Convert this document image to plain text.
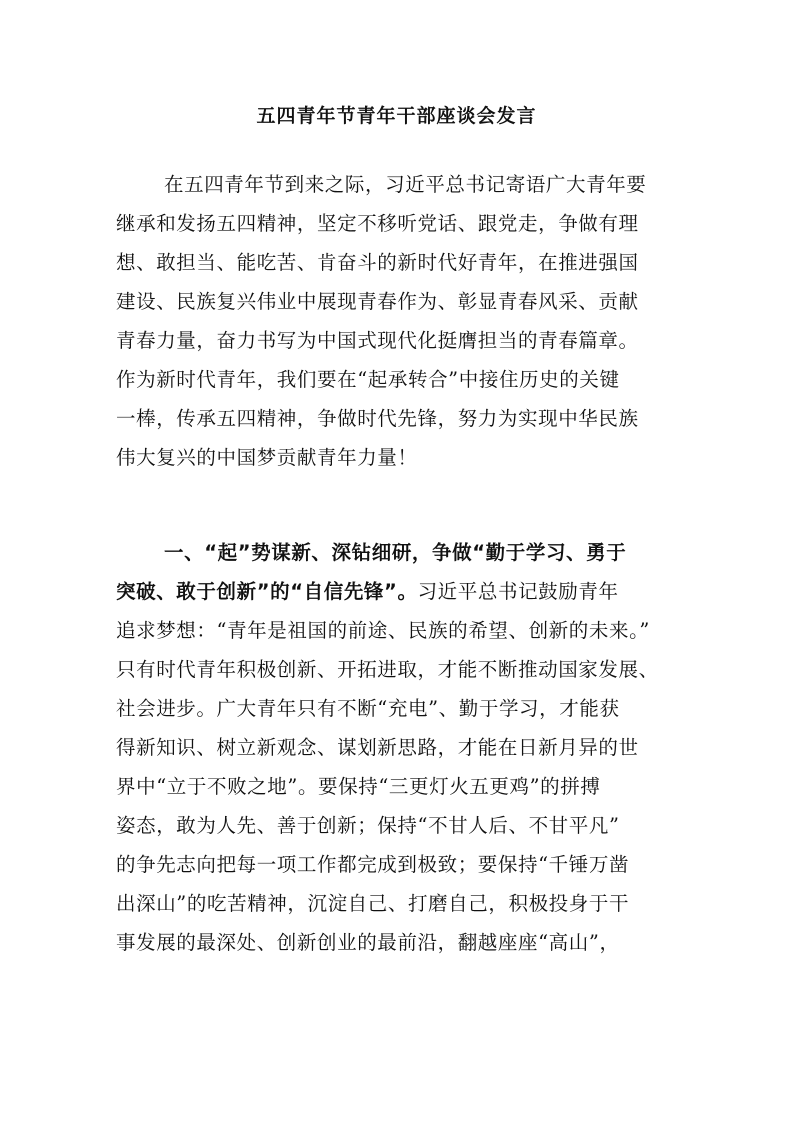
五四青年节青年干部座谈会发言
在五四青年节到来之际，习近平总书记寄语广大青年要
继承和发扬五四精神，坚定不移听党话、跟党走，争做有理
想、敢担当、能吃苦、肯奋斗的新时代好青年，在推进强国
建设、民族复兴伟业中展现青春作为、彰显青春风采、贡献
青春力量，奋力书写为中国式现代化挺膺担当的青春篇章。
作为新时代青年，我们要在“起承转合”中接住历史的关键
一棒，传承五四精神，争做时代先锋，努力为实现中华民族
伟大复兴的中国梦贡献青年力量！
一、“起”势谋新、深钻细研，争做“勤于学习、勇于
突破、敢于创新”的“自信先锋”。习近平总书记鼓励青年
追求梦想：“青年是祖国的前途、民族的希望、创新的未来。”
只有时代青年积极创新、开拓进取，才能不断推动国家发展、
社会进步。广大青年只有不断“充电”、勤于学习，才能获
得新知识、树立新观念、谋划新思路，才能在日新月异的世
界中“立于不败之地”。要保持“三更灯火五更鸡”的拼搏
姿态，敢为人先、善于创新；保持“不甘人后、不甘平凡”
的争先志向把每一项工作都完成到极致；要保持“千锤万凿
出深山”的吃苦精神，沉淀自己、打磨自己，积极投身于干
事发展的最深处、创新创业的最前沿，翻越座座“高山”，
